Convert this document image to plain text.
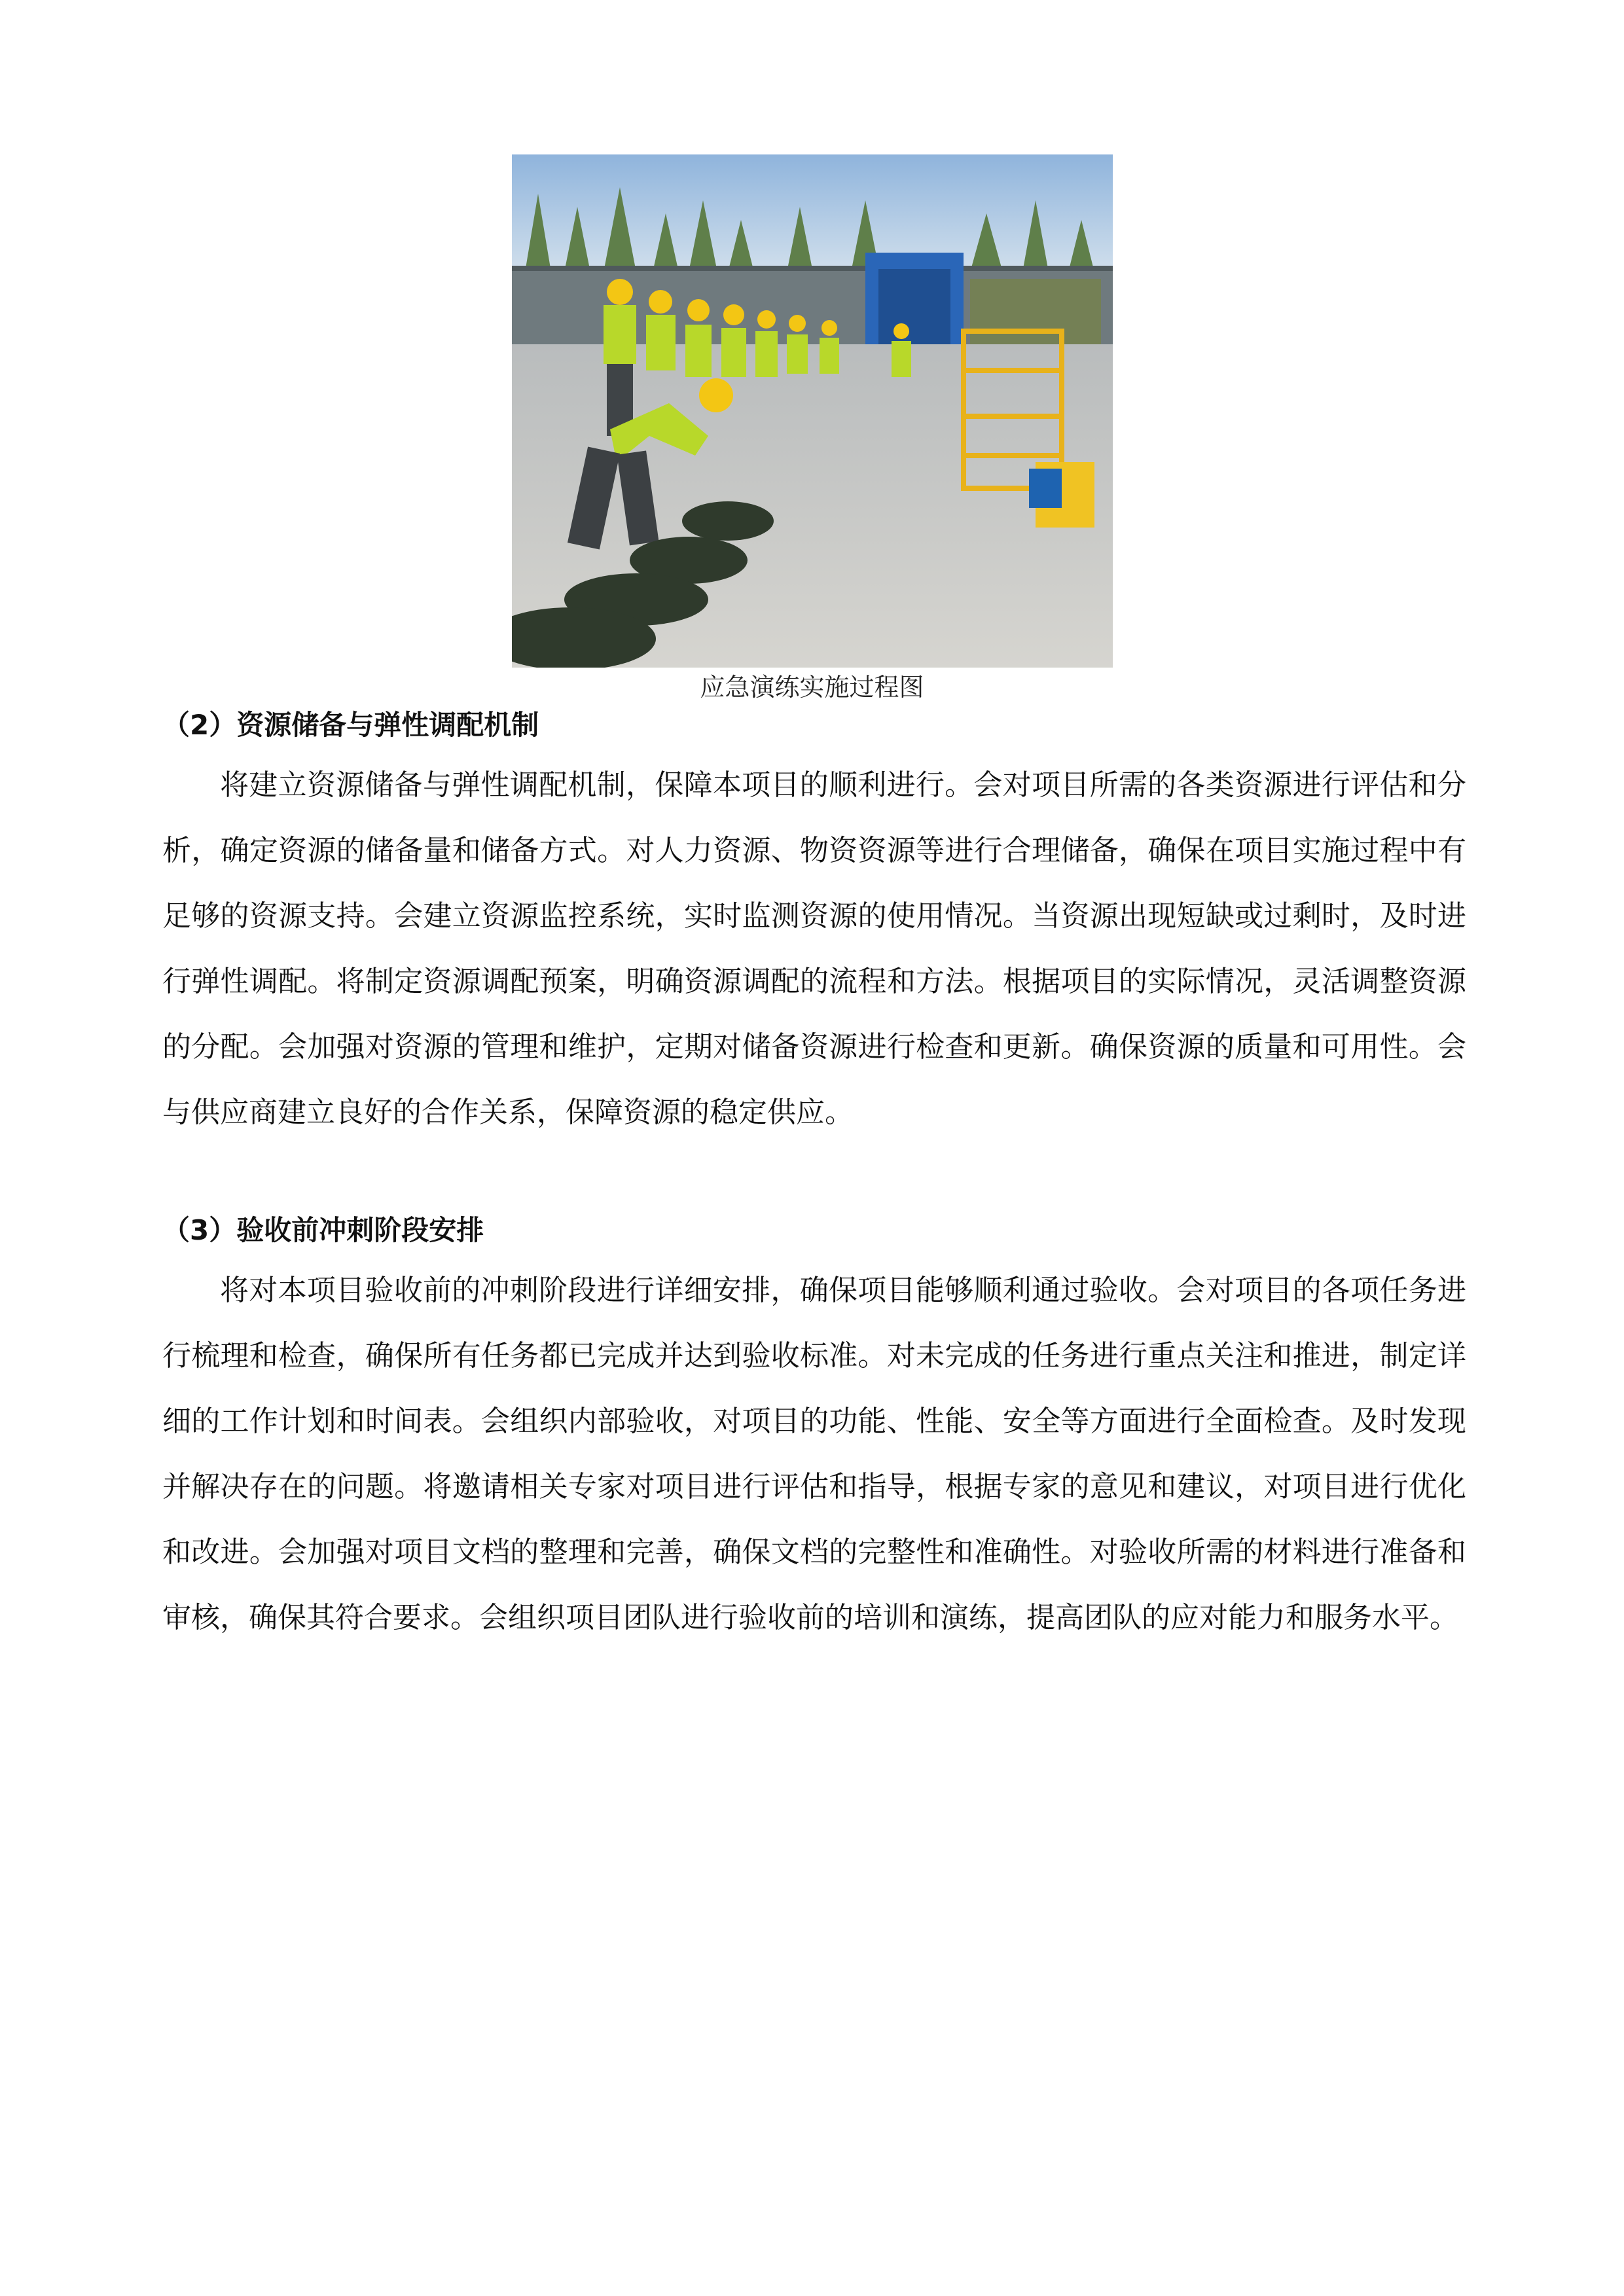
应急演练实施过程图
（2）资源储备与弹性调配机制

将建立资源储备与弹性调配机制，保障本项目的顺利进行。会对项目所需的各类资源进行评估和分析，确定资源的储备量和储备方式。对人力资源、物资资源等进行合理储备，确保在项目实施过程中有足够的资源支持。会建立资源监控系统，实时监测资源的使用情况。当资源出现短缺或过剩时，及时进行弹性调配。将制定资源调配预案，明确资源调配的流程和方法。根据项目的实际情况，灵活调整资源的分配。会加强对资源的管理和维护，定期对储备资源进行检查和更新。确保资源的质量和可用性。会与供应商建立良好的合作关系，保障资源的稳定供应。

（3）验收前冲刺阶段安排

将对本项目验收前的冲刺阶段进行详细安排，确保项目能够顺利通过验收。会对项目的各项任务进行梳理和检查，确保所有任务都已完成并达到验收标准。对未完成的任务进行重点关注和推进，制定详细的工作计划和时间表。会组织内部验收，对项目的功能、性能、安全等方面进行全面检查。及时发现并解决存在的问题。将邀请相关专家对项目进行评估和指导，根据专家的意见和建议，对项目进行优化和改进。会加强对项目文档的整理和完善，确保文档的完整性和准确性。对验收所需的材料进行准备和审核，确保其符合要求。会组织项目团队进行验收前的培训和演练，提高团队的应对能力和服务水平。
